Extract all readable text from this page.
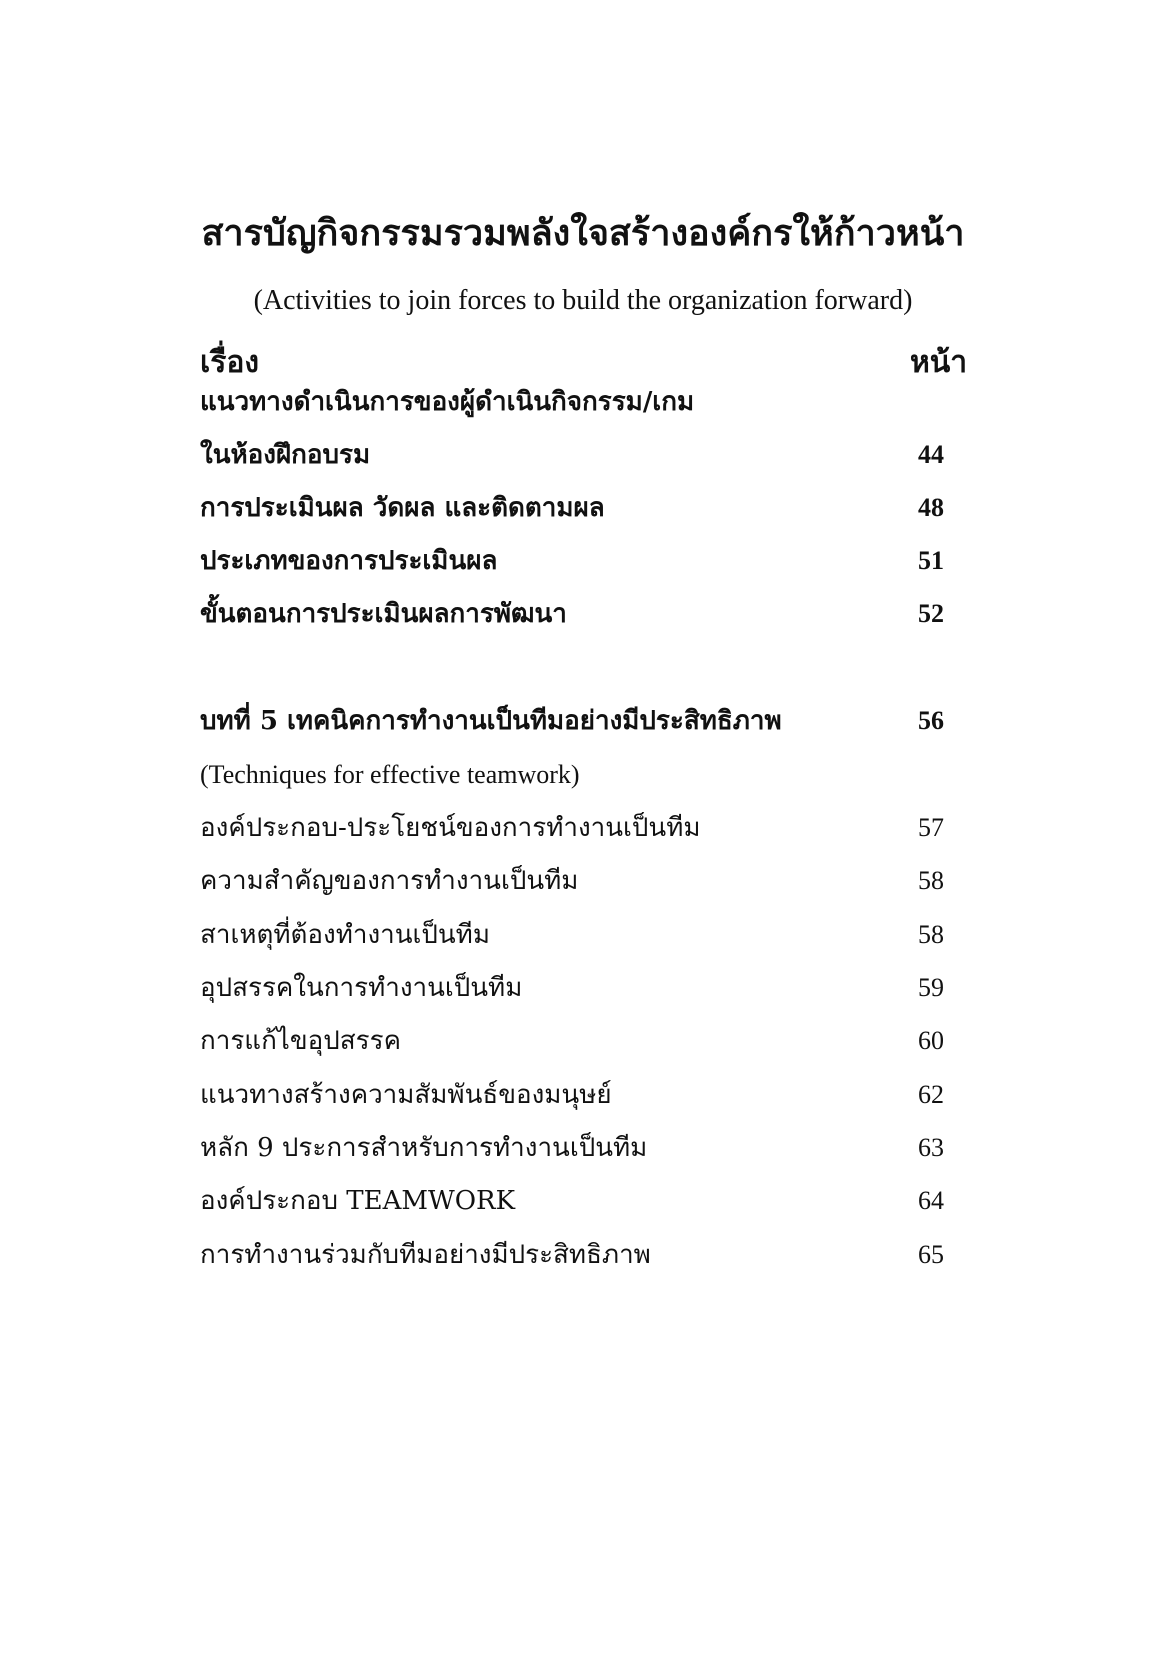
สารบัญกิจกรรมรวมพลังใจสร้างองค์กรให้ก้าวหน้า
(Activities to join forces to build the organization forward)
เรื่อง	หน้า
แนวทางดำเนินการของผู้ดำเนินกิจกรรม/เกม
ในห้องฝึกอบรม	44
การประเมินผล วัดผล และติดตามผล	48
ประเภทของการประเมินผล	51
ขั้นตอนการประเมินผลการพัฒนา	52
บทที่ 5 เทคนิคการทำงานเป็นทีมอย่างมีประสิทธิภาพ	56
(Techniques for effective teamwork)
องค์ประกอบ-ประโยชน์ของการทำงานเป็นทีม	57
ความสำคัญของการทำงานเป็นทีม	58
สาเหตุที่ต้องทำงานเป็นทีม	58
อุปสรรคในการทำงานเป็นทีม	59
การแก้ไขอุปสรรค	60
แนวทางสร้างความสัมพันธ์ของมนุษย์	62
หลัก 9 ประการสำหรับการทำงานเป็นทีม	63
องค์ประกอบ TEAMWORK	64
การทำงานร่วมกับทีมอย่างมีประสิทธิภาพ	65
